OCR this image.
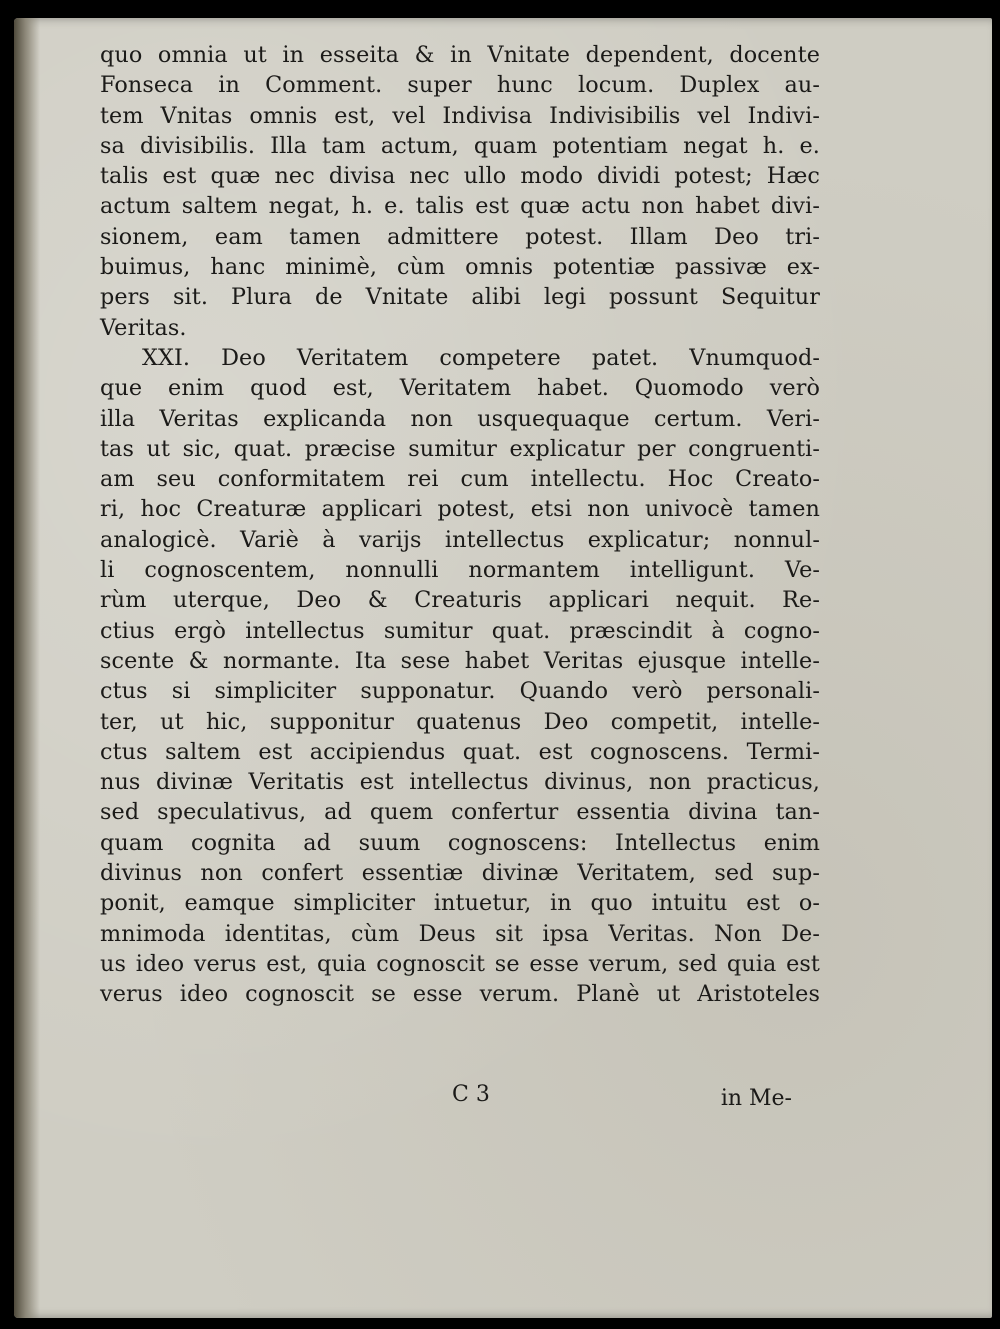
quo omnia ut in esseita & in Vnitate dependent, docente
Fonseca in Comment. super hunc locum. Duplex au-
tem Vnitas omnis est, vel Indivisa Indivisibilis vel Indivi-
sa divisibilis. Illa tam actum, quam potentiam negat h. e.
talis est quæ nec divisa nec ullo modo dividi potest; Hæc
actum saltem negat, h. e. talis est quæ actu non habet divi-
sionem, eam tamen admittere potest. Illam Deo tri-
buimus, hanc minimè, cùm omnis potentiæ passivæ ex-
pers sit. Plura de Vnitate alibi legi possunt Sequitur
Veritas.
XXI. Deo Veritatem competere patet. Vnumquod-
que enim quod est, Veritatem habet. Quomodo verò
illa Veritas explicanda non usquequaque certum. Veri-
tas ut sic, quat. præcise sumitur explicatur per congruenti-
am seu conformitatem rei cum intellectu. Hoc Creato-
ri, hoc Creaturæ applicari potest, etsi non univocè tamen
analogicè. Variè à varijs intellectus explicatur; nonnul-
li cognoscentem, nonnulli normantem intelligunt. Ve-
rùm uterque, Deo & Creaturis applicari nequit. Re-
ctius ergò intellectus sumitur quat. præscindit à cogno-
scente & normante. Ita sese habet Veritas ejusque intelle-
ctus si simpliciter supponatur. Quando verò personali-
ter, ut hic, supponitur quatenus Deo competit, intelle-
ctus saltem est accipiendus quat. est cognoscens. Termi-
nus divinæ Veritatis est intellectus divinus, non practicus,
sed speculativus, ad quem confertur essentia divina tan-
quam cognita ad suum cognoscens: Intellectus enim
divinus non confert essentiæ divinæ Veritatem, sed sup-
ponit, eamque simpliciter intuetur, in quo intuitu est o-
mnimoda identitas, cùm Deus sit ipsa Veritas. Non De-
us ideo verus est, quia cognoscit se esse verum, sed quia est
verus ideo cognoscit se esse verum. Planè ut Aristoteles
C 3	in Me-
